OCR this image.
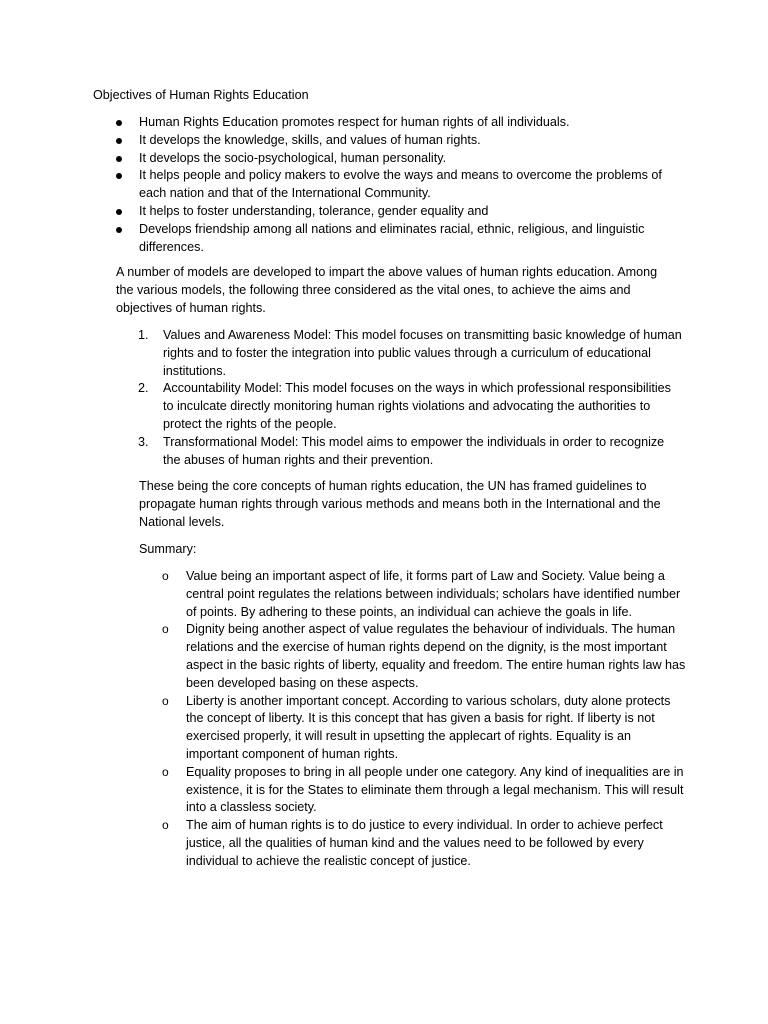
Objectives of Human Rights Education
Human Rights Education promotes respect for human rights of all individuals.
It develops the knowledge, skills, and values of human rights.
It develops the socio-psychological, human personality.
It helps people and policy makers to evolve the ways and means to overcome the problems of each nation and that of the International Community.
It helps to foster understanding, tolerance, gender equality and
Develops friendship among all nations and eliminates racial, ethnic, religious, and linguistic differences.
A number of models are developed to impart the above values of human rights education. Among the various models, the following three considered as the vital ones, to achieve the aims and objectives of human rights.
1. Values and Awareness Model: This model focuses on transmitting basic knowledge of human rights and to foster the integration into public values through a curriculum of educational institutions.
2. Accountability Model: This model focuses on the ways in which professional responsibilities to inculcate directly monitoring human rights violations and advocating the authorities to protect the rights of the people.
3. Transformational Model: This model aims to empower the individuals in order to recognize the abuses of human rights and their prevention.
These being the core concepts of human rights education, the UN has framed guidelines to propagate human rights through various methods and means both in the International and the National levels.
Summary:
o Value being an important aspect of life, it forms part of Law and Society. Value being a central point regulates the relations between individuals; scholars have identified number of points. By adhering to these points, an individual can achieve the goals in life.
o Dignity being another aspect of value regulates the behaviour of individuals. The human relations and the exercise of human rights depend on the dignity, is the most important aspect in the basic rights of liberty, equality and freedom. The entire human rights law has been developed basing on these aspects.
o Liberty is another important concept. According to various scholars, duty alone protects the concept of liberty. It is this concept that has given a basis for right. If liberty is not exercised properly, it will result in upsetting the applecart of rights. Equality is an important component of human rights.
o Equality proposes to bring in all people under one category. Any kind of inequalities are in existence, it is for the States to eliminate them through a legal mechanism. This will result into a classless society.
o The aim of human rights is to do justice to every individual. In order to achieve perfect justice, all the qualities of human kind and the values need to be followed by every individual to achieve the realistic concept of justice.
